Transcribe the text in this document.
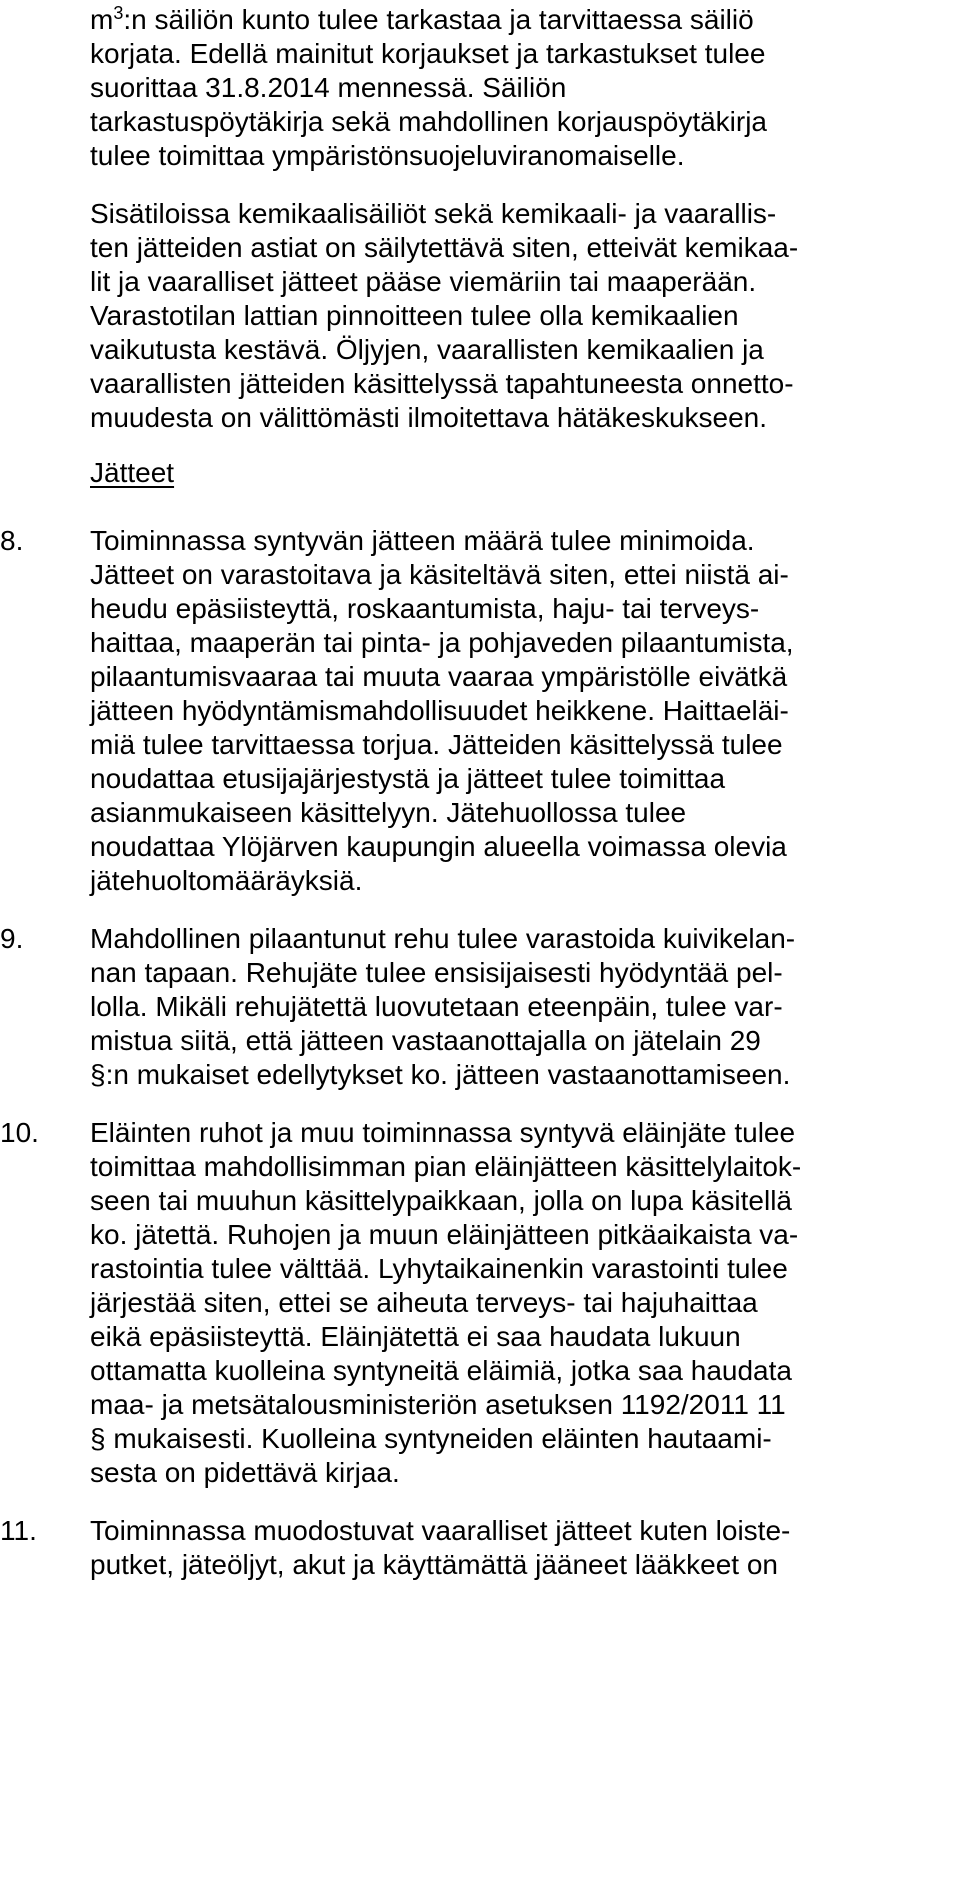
$m^3:n$ säiliön kunto tulee tarkastaa ja tarvittaessa säiliö
korjata. Edellä mainitut korjaukset ja tarkastukset tulee
suorittaa 31.8.2014 mennessä. Säiliön
tarkastuspöytäkirja sekä mahdollinen korjauspöytäkirja
tulee toimittaa ympäristönsuojeluviranomaiselle.
Sisätiloissa kemikaalisäiliöt sekä kemikaali- ja vaarallis-
ten jätteiden astiat on säilytettävä siten, etteivät kemikaa-
lit ja vaaralliset jätteet pääse viemäriin tai maaperään.
Varastotilan lattian pinnoitteen tulee olla kemikaalien
vaikutusta kestävä. Öljyjen, vaarallisten kemikaalien ja
vaarallisten jätteiden käsittelyssä tapahtuneesta onnetto-
muudesta on välittömästi ilmoitettava hätäkeskukseen.
Jätteet
8. Toiminnassa syntyvän jätteen määrä tulee minimoida.
Jätteet on varastoitava ja käsiteltävä siten, ettei niistä ai-
heudu epäsiisteyttä, roskaantumista, haju- tai terveys-
haittaa, maaperän tai pinta- ja pohjaveden pilaantumista,
pilaantumisvaaraa tai muuta vaaraa ympäristölle eivätkä
jätteen hyödyntämismahdollisuudet heikkene. Haittaeläi-
miä tulee tarvittaessa torjua. Jätteiden käsittelyssä tulee
noudattaa etusijajärjestystä ja jätteet tulee toimittaa
asianmukaiseen käsittelyyn. Jätehuollossa tulee
noudattaa Ylöjärven kaupungin alueella voimassa olevia
jätehuoltomääräyksiä.
9. Mahdollinen pilaantunut rehu tulee varastoida kuivikelan-
nan tapaan. Rehujäte tulee ensisijaisesti hyödyntää pel-
lolla. Mikäli rehujätettä luovutetaan eteenpäin, tulee var-
mistua siitä, että jätteen vastaanottajalla on jätelain 29
§:n mukaiset edellytykset ko. jätteen vastaanottamiseen.
10. Eläinten ruhot ja muu toiminnassa syntyvä eläinjäte tulee
toimittaa mahdollisimman pian eläinjätteen käsittelylaitok-
seen tai muuhun käsittelypaikkaan, jolla on lupa käsitellä
ko. jätettä. Ruhojen ja muun eläinjätteen pitkäaikaista va-
rastointia tulee välttää. Lyhytaikainenkin varastointi tulee
järjestää siten, ettei se aiheuta terveys- tai hajuhaittaa
eikä epäsiisteyttä. Eläinjätettä ei saa haudata lukuun
ottamatta kuolleina syntyneitä eläimiä, jotka saa haudata
maa- ja metsätalousministeriön asetuksen 1192/2011 11
§ mukaisesti. Kuolleina syntyneiden eläinten hautaami-
sesta on pidettävä kirjaa.
11. Toiminnassa muodostuvat vaaralliset jätteet kuten loiste-
putket, jäteöljyt, akut ja käyttämättä jääneet lääkkeet on
